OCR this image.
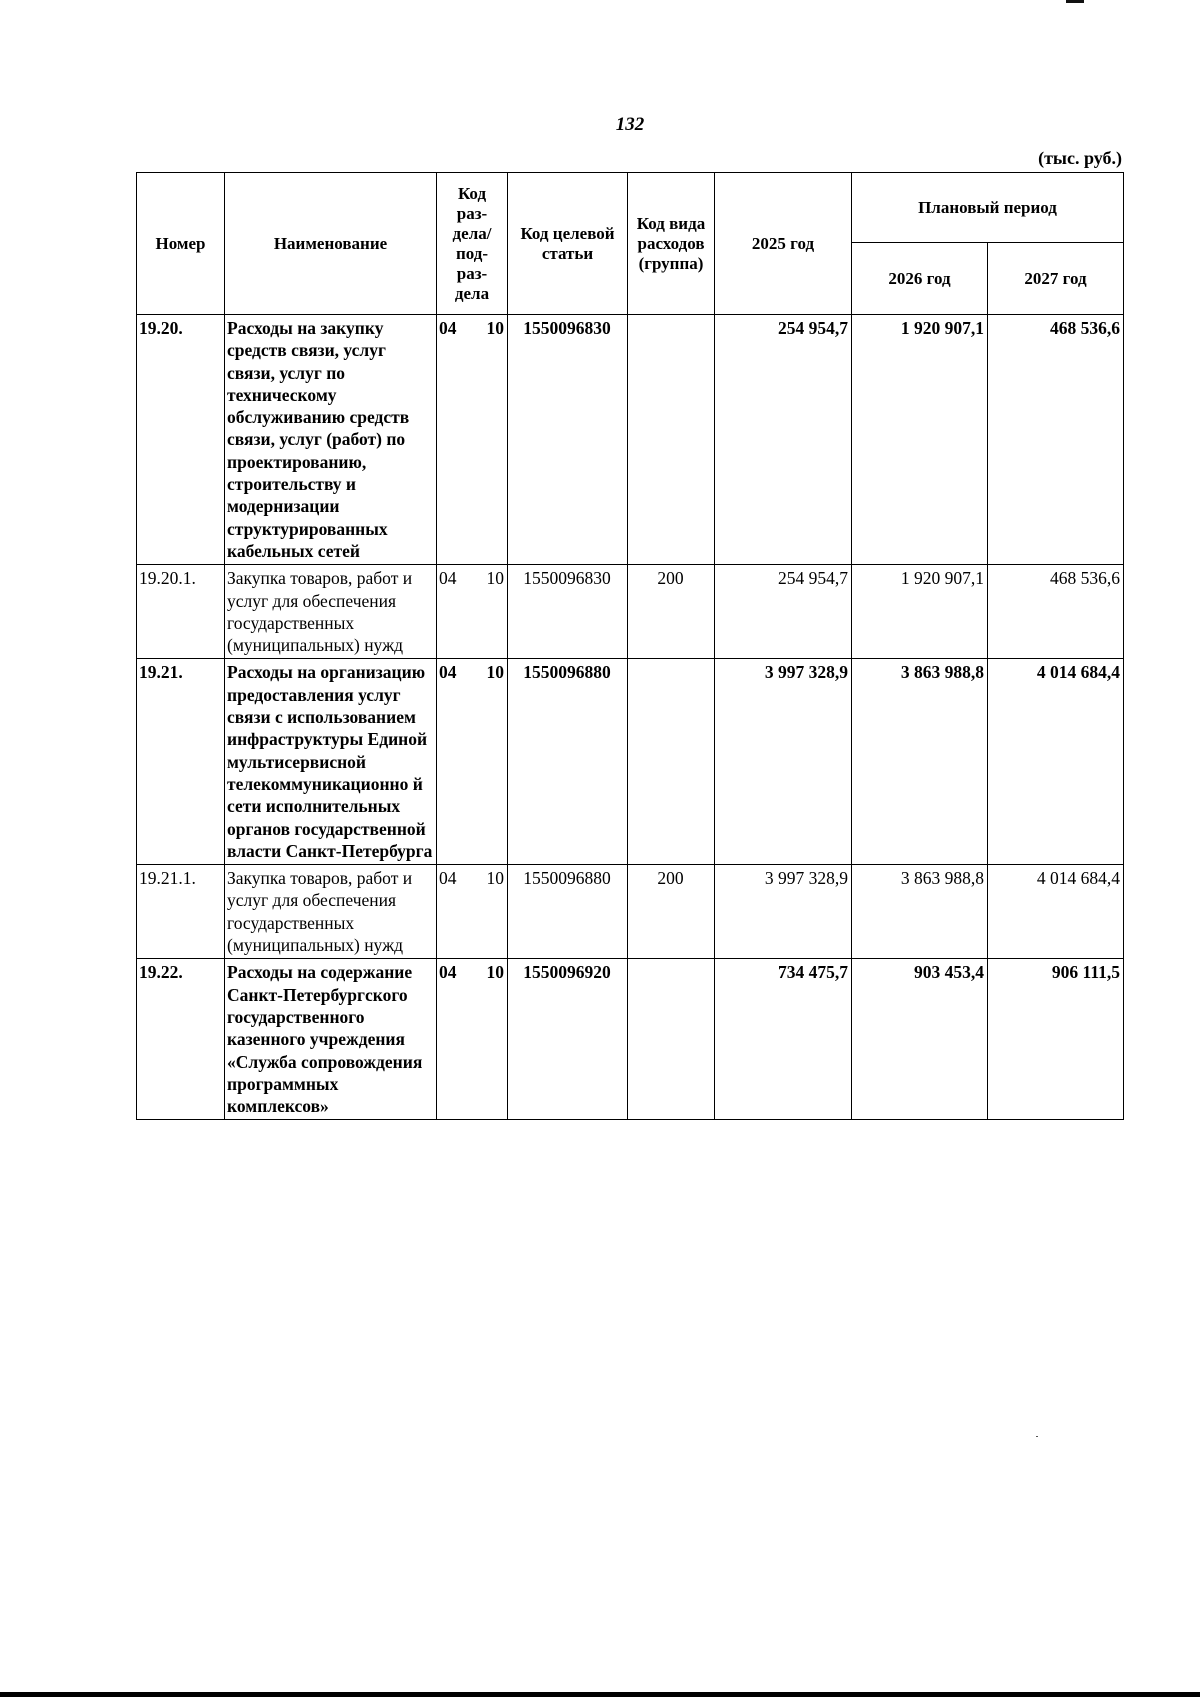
132
(тыс. руб.)
Номер	Наименование	Код раз-дела/ под-раз-дела	Код целевой статьи	Код вида расходов (группа)	2025 год	Плановый период	
						2026 год	2027 год
19.20.	Расходы на закупку средств связи, услуг связи, услуг по техническому обслуживанию средств связи, услуг (работ) по проектированию, строительству и модернизации структурированных кабельных сетей	04 10	1550096830		254 954,7	1 920 907,1	468 536,6
19.20.1.	Закупка товаров, работ и услуг для обеспечения государственных (муниципальных) нужд	04 10	1550096830	200	254 954,7	1 920 907,1	468 536,6
19.21.	Расходы на организацию предоставления услуг связи с использованием инфраструктуры Единой мультисервисной телекоммуникационно й сети исполнительных органов государственной власти Санкт-Петербурга	04 10	1550096880		3 997 328,9	3 863 988,8	4 014 684,4
19.21.1.	Закупка товаров, работ и услуг для обеспечения государственных (муниципальных) нужд	04 10	1550096880	200	3 997 328,9	3 863 988,8	4 014 684,4
19.22.	Расходы на содержание Санкт-Петербургского государственного казенного учреждения «Служба сопровождения программных комплексов»	04 10	1550096920		734 475,7	903 453,4	906 111,5
